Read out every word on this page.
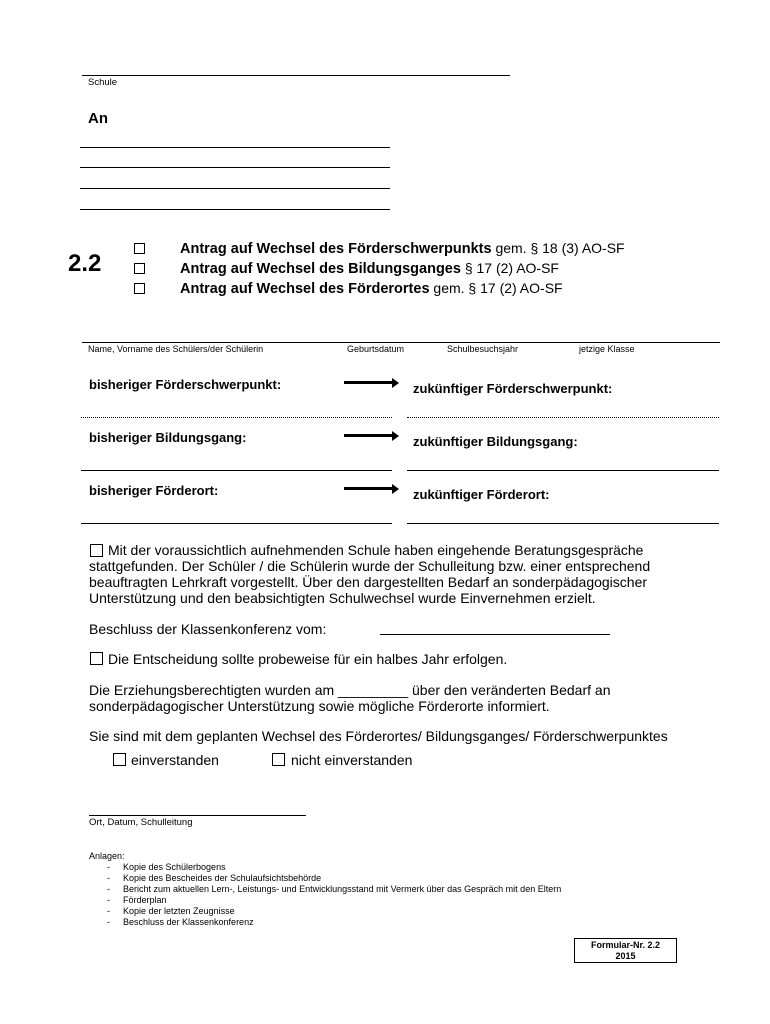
Schule
An
2.2
Antrag auf Wechsel des Förderschwerpunkts gem. § 18 (3) AO-SF
Antrag auf Wechsel des Bildungsganges § 17 (2) AO-SF
Antrag auf Wechsel des Förderortes gem. § 17 (2) AO-SF
Name, Vorname des Schülers/der Schülerin	Geburtsdatum	Schulbesuchsjahr	jetzige Klasse
bisheriger Förderschwerpunkt:	zukünftiger Förderschwerpunkt:
bisheriger Bildungsgang:	zukünftiger Bildungsgang:
bisheriger Förderort:	zukünftiger Förderort:
Mit der voraussichtlich aufnehmenden Schule haben eingehende Beratungsgespräche
stattgefunden. Der Schüler / die Schülerin wurde der Schulleitung bzw. einer entsprechend
beauftragten Lehrkraft vorgestellt. Über den dargestellten Bedarf an sonderpädagogischer
Unterstützung und den beabsichtigten Schulwechsel wurde Einvernehmen erzielt.
Beschluss der Klassenkonferenz vom:
Die Entscheidung sollte probeweise für ein halbes Jahr erfolgen.
Die Erziehungsberechtigten wurden am _________ über den veränderten Bedarf an
sonderpädagogischer Unterstützung sowie mögliche Förderorte informiert.
Sie sind mit dem geplanten Wechsel des Förderortes/ Bildungsganges/ Förderschwerpunktes
einverstanden	nicht einverstanden
Ort, Datum, Schulleitung
Anlagen:
- Kopie des Schülerbogens
- Kopie des Bescheides der Schulaufsichtsbehörde
- Bericht zum aktuellen Lern-, Leistungs- und Entwicklungsstand mit Vermerk über das Gespräch mit den Eltern
- Förderplan
- Kopie der letzten Zeugnisse
- Beschluss der Klassenkonferenz
Formular-Nr. 2.2
2015
